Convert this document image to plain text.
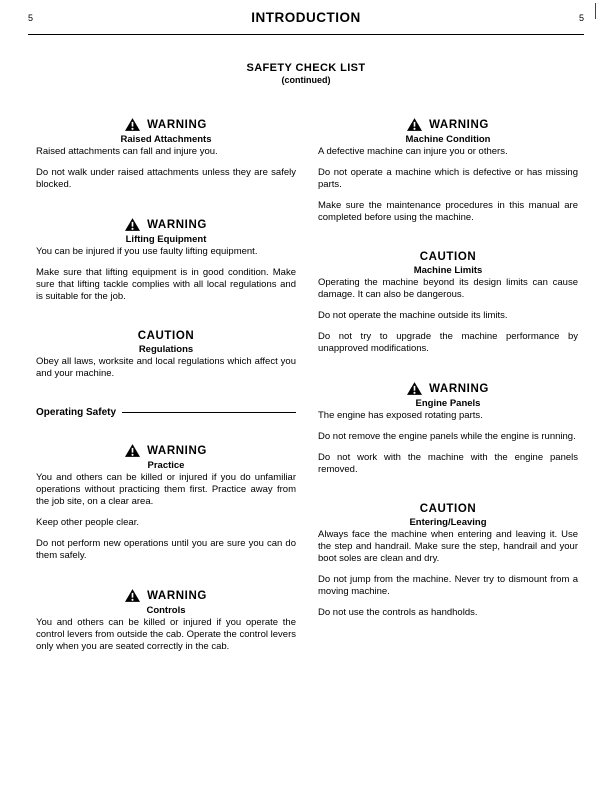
5	INTRODUCTION	5
SAFETY CHECK LIST
(continued)
WARNING
Raised Attachments

Raised attachments can fall and injure you.

Do not walk under raised attachments unless they are safely blocked.

WARNING
Lifting Equipment

You can be injured if you use faulty lifting equipment.

Make sure that lifting equipment is in good condition. Make sure that lifting tackle complies with all local regulations and is suitable for the job.

CAUTION
Regulations

Obey all laws, worksite and local regulations which affect you and your machine.

Operating Safety
WARNING
Practice

You and others can be killed or injured if you do unfamiliar operations without practicing them first. Practice away from the job site, on a clear area.

Keep other people clear.

Do not perform new operations until you are sure you can do them safely.

WARNING
Controls

You and others can be killed or injured if you operate the control levers from outside the cab. Operate the control levers only when you are seated correctly in the cab.

WARNING
Machine Condition

A defective machine can injure you or others.

Do not operate a machine which is defective or has missing parts.

Make sure the maintenance procedures in this manual are completed before using the machine.

CAUTION
Machine Limits

Operating the machine beyond its design limits can cause damage. It can also be dangerous.

Do not operate the machine outside its limits.

Do not try to upgrade the machine performance by unapproved modifications.

WARNING
Engine Panels

The engine has exposed rotating parts.

Do not remove the engine panels while the engine is running.

Do not work with the machine with the engine panels removed.

CAUTION
Entering/Leaving

Always face the machine when entering and leaving it. Use the step and handrail. Make sure the step, handrail and your boot soles are clean and dry.

Do not jump from the machine. Never try to dismount from a moving machine.

Do not use the controls as handholds.
